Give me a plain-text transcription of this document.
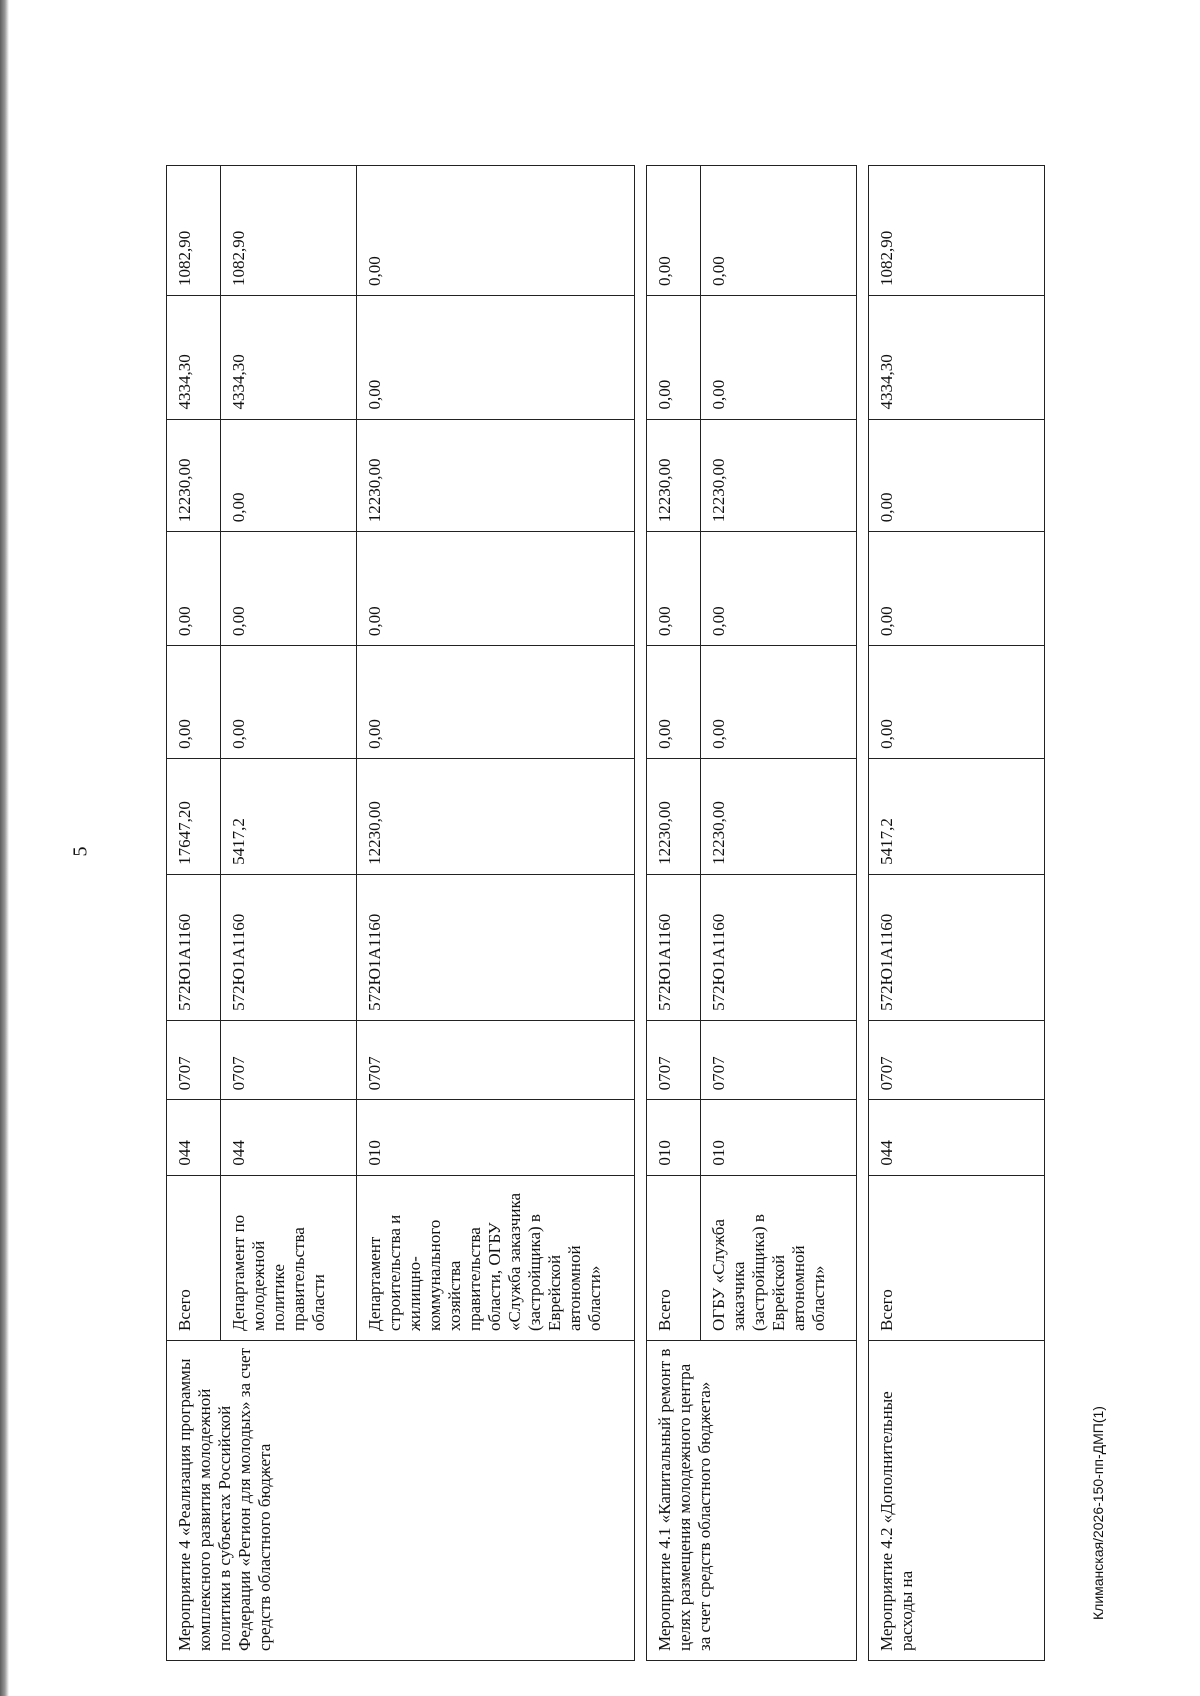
5
Климанская/2026-150-пп-ДМП(1)
Мероприятие 4 «Реализация программы комплексного развития молодежной политики в субъектах Российской Федерации «Регион для молодых» за счет средств областного бюджета	Всего	044	0707	572Ю1А1160	17647,20	0,00	0,00	12230,00	4334,30	1082,90
	Департамент по молодежной политике правительства области	044	0707	572Ю1А1160	5417,2	0,00	0,00	0,00	4334,30	1082,90
	Департамент строительства и жилищно-коммунального хозяйства правительства области, ОГБУ «Служба заказчика (застройщика) в Еврейской автономной области»	010	0707	572Ю1А1160	12230,00	0,00	0,00	12230,00	0,00	0,00

Мероприятие 4.1 «Капитальный ремонт в целях размещения молодежного центра за счет средств областного бюджета»	Всего	010	0707	572Ю1А1160	12230,00	0,00	0,00	12230,00	0,00	0,00
	ОГБУ «Служба заказчика (застройщика) в Еврейской автономной области»	010	0707	572Ю1А1160	12230,00	0,00	0,00	12230,00	0,00	0,00

Мероприятие 4.2 «Дополнительные расходы на	Всего	044	0707	572Ю1А1160	5417,2	0,00	0,00	0,00	4334,30	1082,90
